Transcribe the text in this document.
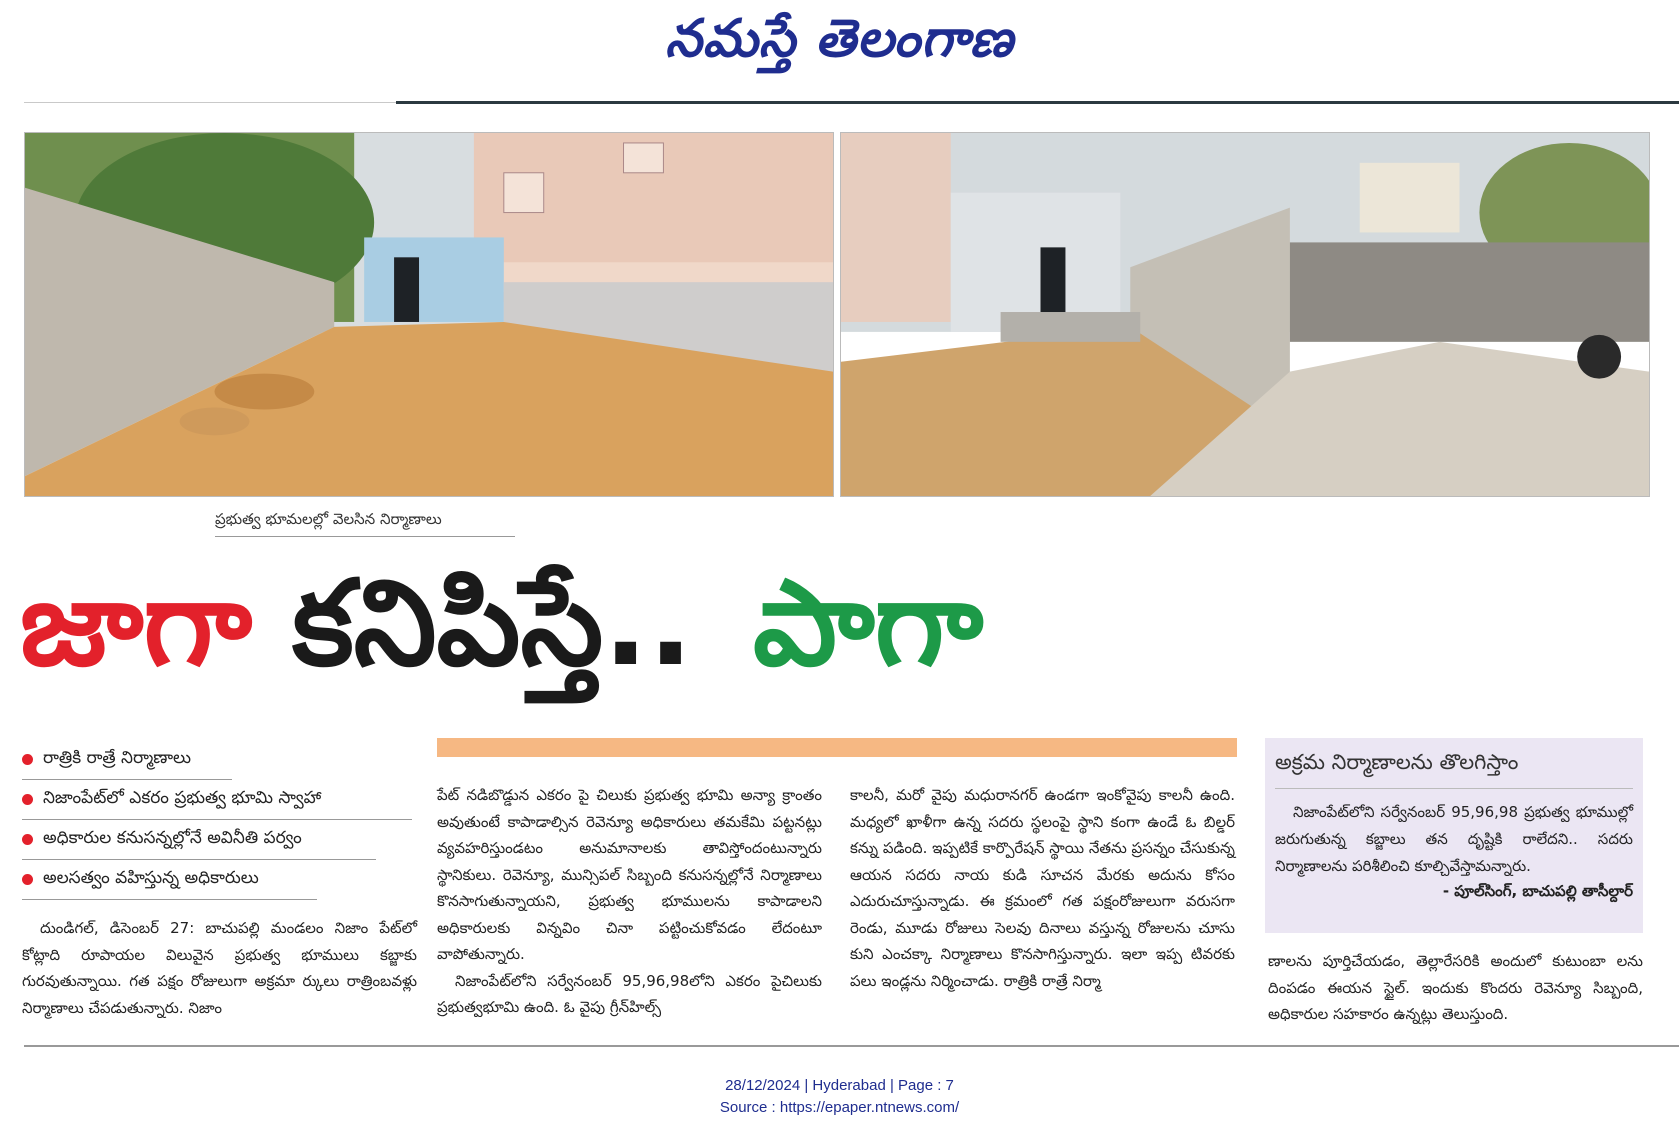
నమస్తే తెలంగాణ
ప్రభుత్వ భూమలల్లో వెలసిన నిర్మాణాలు
జాగా కనిపిస్తే.. పాగా
రాత్రికి రాత్రే నిర్మాణాలు
నిజాంపేట్‌లో ఎకరం ప్రభుత్వ భూమి స్వాహా
అధికారుల కనుసన్నల్లోనే అవినీతి పర్వం
అలసత్వం వహిస్తున్న అధికారులు

దుండిగల్, డిసెంబర్ 27: బాచుపల్లి మండలం నిజాం పేట్‌లో కోట్లాది రూపాయల విలువైన ప్రభుత్వ భూములు కబ్జాకు గురవుతున్నాయి. గత పక్షం రోజులుగా అక్రమా ర్కులు రాత్రింబవళ్లు నిర్మాణాలు చేపడుతున్నారు. నిజాం

పేట్ నడిబొడ్డున ఎకరం పై చిలుకు ప్రభుత్వ భూమి అన్యా క్రాంతం అవుతుంటే కాపాడాల్సిన రెవెన్యూ అధికారులు తమకేమి పట్టనట్లు వ్యవహరిస్తుండటం అనుమానాలకు తావిస్తోందంటున్నారు స్థానికులు. రెవెన్యూ, మున్సిపల్ సిబ్బంది కనుసన్నల్లోనే నిర్మాణాలు కొనసాగుతున్నాయని, ప్రభుత్వ భూములను కాపాడాలని అధికారులకు విన్నవిం చినా పట్టించుకోవడం లేదంటూ వాపోతున్నారు.

నిజాంపేట్‌లోని సర్వేనంబర్ 95,96,98లోని ఎకరం పైచిలుకు ప్రభుత్వభూమి ఉంది. ఓ వైపు గ్రీన్‌హిల్స్

కాలనీ, మరో వైపు మధురానగర్ ఉండగా ఇంకోవైపు కాలనీ ఉంది. మధ్యలో ఖాళీగా ఉన్న సదరు స్థలంపై స్థాని కంగా ఉండే ఓ బిల్డర్ కన్ను పడింది. ఇప్పటికే కార్పొరేషన్ స్థాయి నేతను ప్రసన్నం చేసుకున్న ఆయన సదరు నాయ కుడి సూచన మేరకు అదును కోసం ఎదురుచూస్తున్నాడు. ఈ క్రమంలో గత పక్షంరోజులుగా వరుసగా రెండు, మూడు రోజులు సెలవు దినాలు వస్తున్న రోజులను చూసు కుని ఎంచక్కా నిర్మాణాలు కొనసాగిస్తున్నారు. ఇలా ఇప్ప టివరకు పలు ఇండ్లను నిర్మించాడు. రాత్రికి రాత్రే నిర్మా

అక్రమ నిర్మాణాలను తొలగిస్తాం
నిజాంపేట్‌లోని సర్వేనంబర్ 95,96,98 ప్రభుత్వ భూముల్లో జరుగుతున్న కబ్జాలు తన దృష్టికి రాలేదని.. సదరు నిర్మాణాలను పరిశీలించి కూల్చివేస్తామన్నారు.
- పూల్‌సింగ్, బాచుపల్లి తాసీల్దార్

ణాలను పూర్తిచేయడం, తెల్లారేసరికి అందులో కుటుంబా లను దింపడం ఈయన స్టైల్. ఇందుకు కొందరు రెవెన్యూ సిబ్బంది, అధికారుల సహకారం ఉన్నట్లు తెలుస్తుంది.

28/12/2024 | Hyderabad | Page : 7
Source : https://epaper.ntnews.com/
